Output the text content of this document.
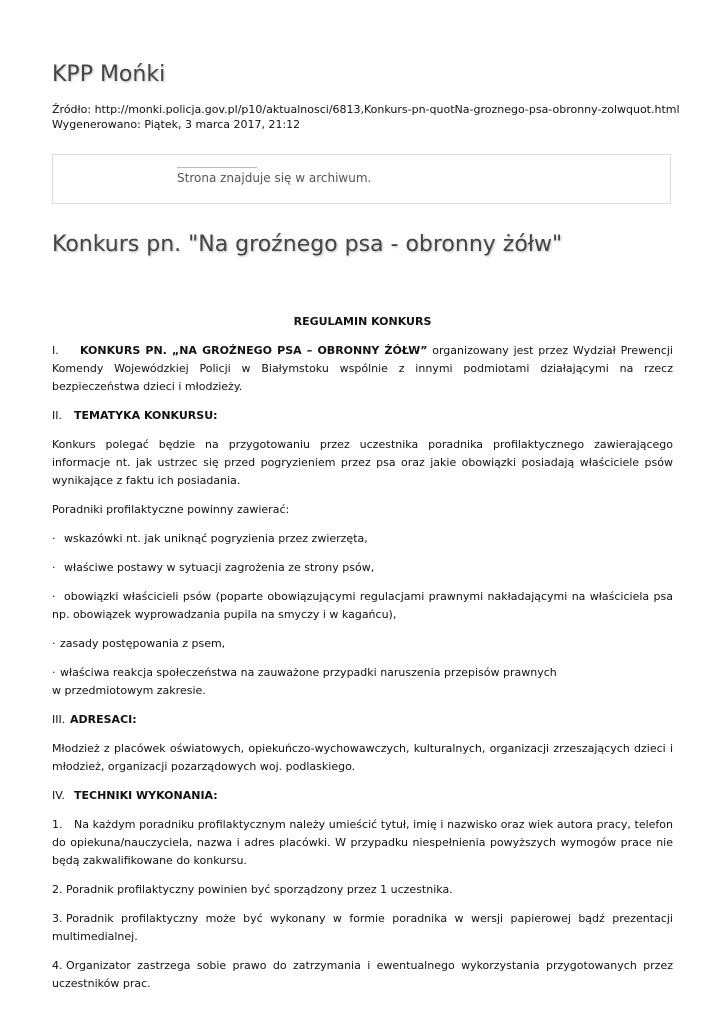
KPP Mońki
Źródło: http://monki.policja.gov.pl/p10/aktualnosci/6813,Konkurs-pn-quotNa-groznego-psa-obronny-zolwquot.html
Wygenerowano: Piątek, 3 marca 2017, 21:12
Strona znajduje się w archiwum.
Konkurs pn. "Na groźnego psa - obronny żółw"

REGULAMIN KONKURS

I. KONKURS PN. „NA GROŹNEGO PSA – OBRONNY ŻÓŁW” organizowany jest przez Wydział Prewencji Komendy Wojewódzkiej Policji w Białymstoku wspólnie z innymi podmiotami działającymi na rzecz bezpieczeństwa dzieci i młodzieży.

II. TEMATYKA KONKURSU:

Konkurs polegać będzie na przygotowaniu przez uczestnika poradnika profilaktycznego zawierającego informacje nt. jak ustrzec się przed pogryzieniem przez psa oraz jakie obowiązki posiadają właściciele psów wynikające z faktu ich posiadania.

Poradniki profilaktyczne powinny zawierać:

· wskazówki nt. jak uniknąć pogryzienia przez zwierzęta,

· właściwe postawy w sytuacji zagrożenia ze strony psów,

· obowiązki właścicieli psów (poparte obowiązującymi regulacjami prawnymi nakładającymi na właściciela psa np. obowiązek wyprowadzania pupila na smyczy i w kagańcu),

· zasady postępowania z psem,

· właściwa reakcja społeczeństwa na zauważone przypadki naruszenia przepisów prawnych
w przedmiotowym zakresie.

III. ADRESACI:

Młodzież z placówek oświatowych, opiekuńczo-wychowawczych, kulturalnych, organizacji zrzeszających dzieci i młodzież, organizacji pozarządowych woj. podlaskiego.

IV. TECHNIKI WYKONANIA:

1. Na każdym poradniku profilaktycznym należy umieścić tytuł, imię i nazwisko oraz wiek autora pracy, telefon do opiekuna/nauczyciela, nazwa i adres placówki. W przypadku niespełnienia powyższych wymogów prace nie będą zakwalifikowane do konkursu.

2. Poradnik profilaktyczny powinien być sporządzony przez 1 uczestnika.

3. Poradnik profilaktyczny może być wykonany w formie poradnika w wersji papierowej bądź prezentacji multimedialnej.

4. Organizator zastrzega sobie prawo do zatrzymania i ewentualnego wykorzystania przygotowanych przez uczestników prac.
